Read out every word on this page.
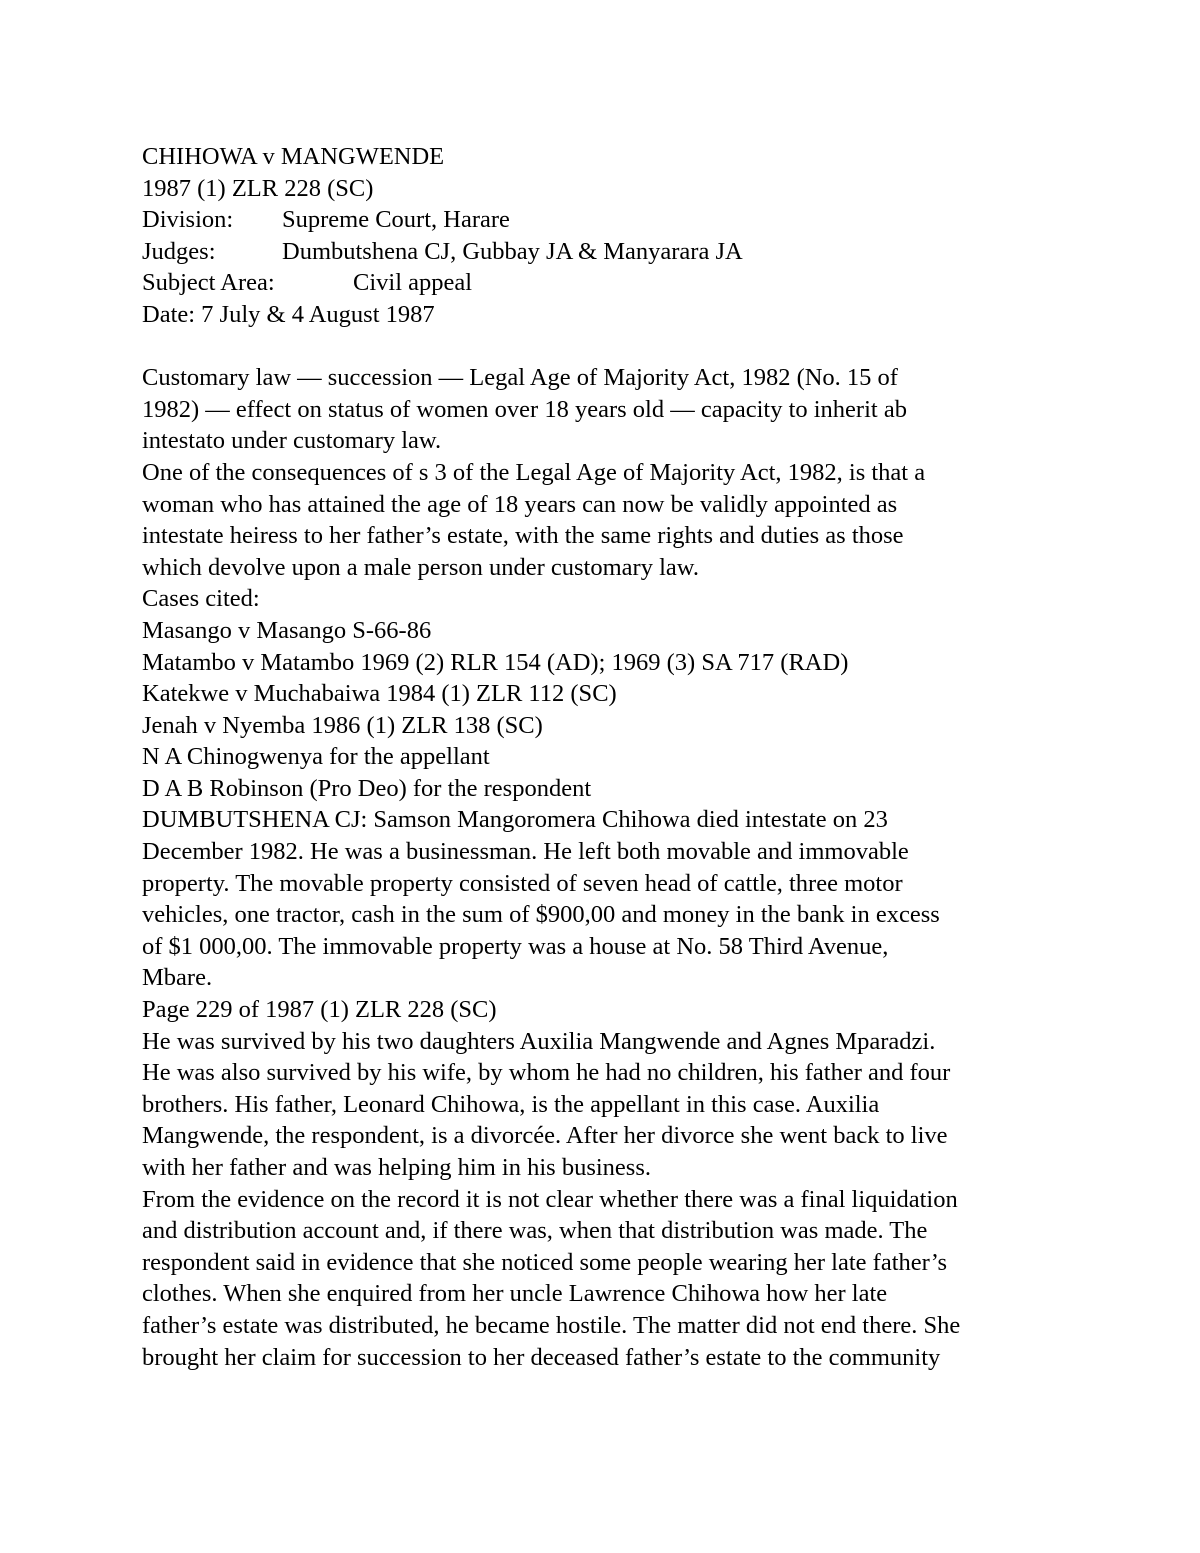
CHIHOWA v MANGWENDE
1987 (1) ZLR 228 (SC)
Division: Supreme Court, Harare
Judges:	Dumbutshena CJ, Gubbay JA & Manyarara JA
Subject Area:	Civil appeal
Date: 7 July & 4 August 1987
Customary law — succession — Legal Age of Majority Act, 1982 (No. 15 of
1982) — effect on status of women over 18 years old — capacity to inherit ab
intestato under customary law.
One of the consequences of s 3 of the Legal Age of Majority Act, 1982, is that a
woman who has attained the age of 18 years can now be validly appointed as
intestate heiress to her father’s estate, with the same rights and duties as those
which devolve upon a male person under customary law.
Cases cited:
Masango v Masango S-66-86
Matambo v Matambo 1969 (2) RLR 154 (AD); 1969 (3) SA 717 (RAD)
Katekwe v Muchabaiwa 1984 (1) ZLR 112 (SC)
Jenah v Nyemba 1986 (1) ZLR 138 (SC)
N A Chinogwenya for the appellant
D A B Robinson (Pro Deo) for the respondent
DUMBUTSHENA CJ: Samson Mangoromera Chihowa died intestate on 23
December 1982. He was a businessman. He left both movable and immovable
property. The movable property consisted of seven head of cattle, three motor
vehicles, one tractor, cash in the sum of $900,00 and money in the bank in excess
of $1 000,00. The immovable property was a house at No. 58 Third Avenue,
Mbare.
Page 229 of 1987 (1) ZLR 228 (SC)
He was survived by his two daughters Auxilia Mangwende and Agnes Mparadzi.
He was also survived by his wife, by whom he had no children, his father and four
brothers. His father, Leonard Chihowa, is the appellant in this case. Auxilia
Mangwende, the respondent, is a divorcée. After her divorce she went back to live
with her father and was helping him in his business.
From the evidence on the record it is not clear whether there was a final liquidation
and distribution account and, if there was, when that distribution was made. The
respondent said in evidence that she noticed some people wearing her late father’s
clothes. When she enquired from her uncle Lawrence Chihowa how her late
father’s estate was distributed, he became hostile. The matter did not end there. She
brought her claim for succession to her deceased father’s estate to the community
